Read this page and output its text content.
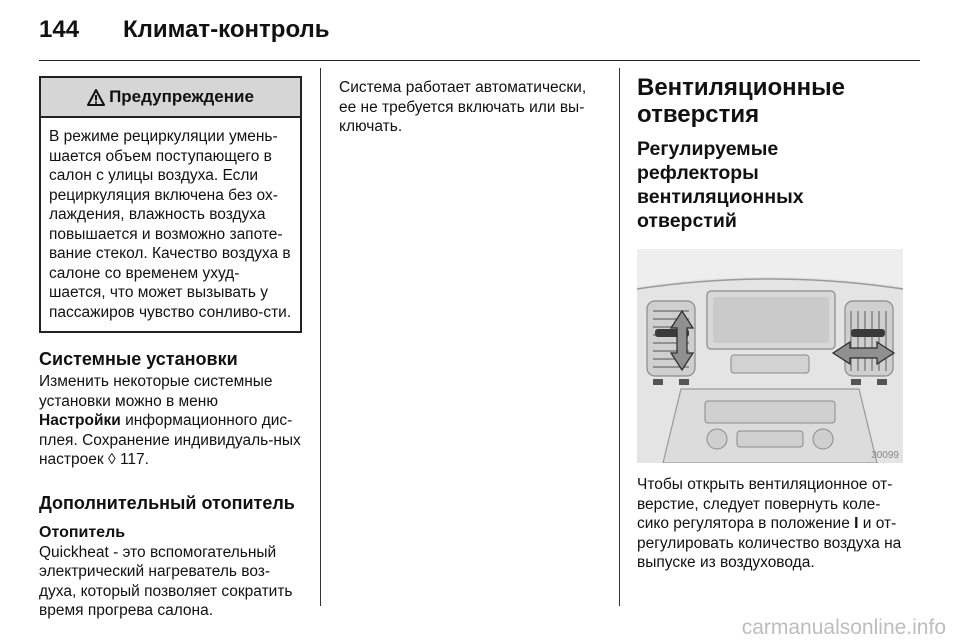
144 Климат-контроль
Предупреждение

В режиме рециркуляции умень-шается объем поступающего в салон с улицы воздуха. Если рециркуляция включена без ох-лаждения, влажность воздуха повышается и возможно запоте-вание стекол. Качество воздуха в салоне со временем ухуд-шается, что может вызывать у пассажиров чувство сонливо-сти.

Системные установки

Изменить некоторые системные установки можно в меню Настройки информационного дис-плея. Сохранение индивидуаль-ных настроек ◊ 117.

Дополнительный отопитель
Отопитель

Quickheat - это вспомогательный электрический нагреватель воз-духа, который позволяет сократить время прогрева салона.

Система работает автоматически, ее не требуется включать или вы-ключать.

Вентиляционные отверстия

Регулируемые рефлекторы вентиляционных отверстий

30099

Чтобы открыть вентиляционное от-верстие, следует повернуть коле-сико регулятора в положение I и от-регулировать количество воздуха на выпуске из воздуховода.

carmanualsonline.info
